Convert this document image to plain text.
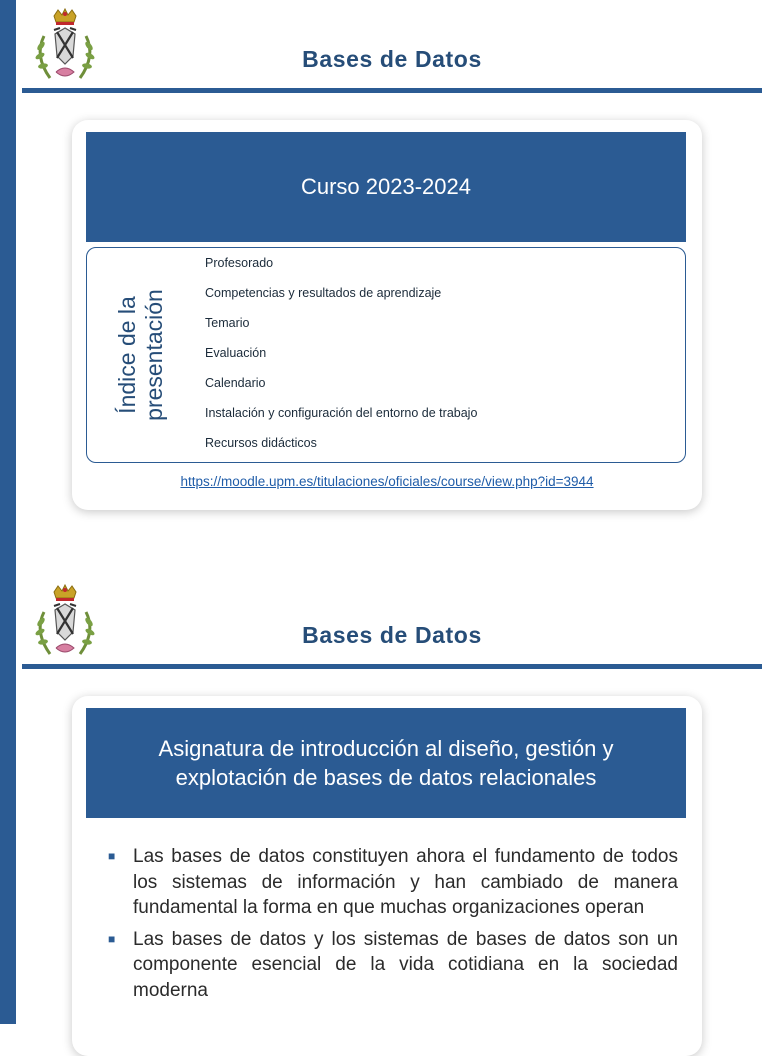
Bases de Datos
Curso 2023-2024
Índice de la presentación
Profesorado
Competencias y resultados de aprendizaje
Temario
Evaluación
Calendario
Instalación y configuración del entorno de trabajo
Recursos didácticos
https://moodle.upm.es/titulaciones/oficiales/course/view.php?id=3944
Bases de Datos
Asignatura de introducción al diseño, gestión y explotación de bases de datos relacionales
■ Las bases de datos constituyen ahora el fundamento de todos los sistemas de información y han cambiado de manera fundamental la forma en que muchas organizaciones operan
■ Las bases de datos y los sistemas de bases de datos son un componente esencial de la vida cotidiana en la sociedad moderna
